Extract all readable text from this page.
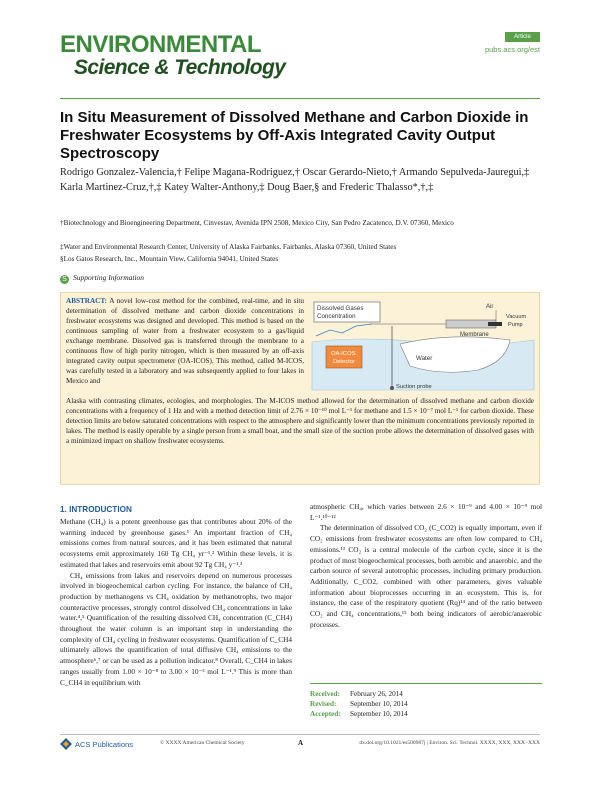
ENVIRONMENTAL
Science & Technology
Article
pubs.acs.org/est
In Situ Measurement of Dissolved Methane and Carbon Dioxide in Freshwater Ecosystems by Off-Axis Integrated Cavity Output Spectroscopy
Rodrigo Gonzalez-Valencia,† Felipe Magana-Rodriguez,† Oscar Gerardo-Nieto,† Armando Sepulveda-Jauregui,‡ Karla Martinez-Cruz,†,‡ Katey Walter-Anthony,‡ Doug Baer,§ and Frederic Thalasso*,†,‡
†Biotechnology and Bioengineering Department, Cinvestav, Avenida IPN 2508, Mexico City, San Pedro Zacatenco, D.V. 07360, Mexico
‡Water and Environmental Research Center, University of Alaska Fairbanks, Fairbanks, Alaska 07360, United States
§Los Gatos Research, Inc., Mountain View, California 94041, United States
S Supporting Information
ABSTRACT: A novel low-cost method for the combined, real-time, and in situ determination of dissolved methane and carbon dioxide concentrations in freshwater ecosystems was designed and developed. This method is based on the continuous sampling of water from a freshwater ecosystem to a gas/liquid exchange membrane. Dissolved gas is transferred through the membrane to a continuous flow of high purity nitrogen, which is then measured by an off-axis integrated cavity output spectrometer (OA-ICOS). This method, called M-ICOS, was carefully tested in a laboratory and was subsequently applied to four lakes in Mexico and
Alaska with contrasting climates, ecologies, and morphologies. The M-ICOS method allowed for the determination of dissolved methane and carbon dioxide concentrations with a frequency of 1 Hz and with a method detection limit of 2.76 × 10⁻¹⁰ mol L⁻¹ for methane and 1.5 × 10⁻⁷ mol L⁻¹ for carbon dioxide. These detection limits are below saturated concentrations with respect to the atmosphere and significantly lower than the minimum concentrations previously reported in lakes. The method is easily operable by a single person from a small boat, and the small size of the suction probe allows the determination of dissolved gases with a minimized impact on shallow freshwater ecosystems.
Dissolved Gases
Concentration
Membrane
Air
Vacuum
Pump
OA-ICOS
Detector	Water
Suction probe
1. INTRODUCTION

Methane (CH₄) is a potent greenhouse gas that contributes about 20% of the warming induced by greenhouse gases.¹ An important fraction of CH₄ emissions comes from natural sources, and it has been estimated that natural ecosystems emit approximately 160 Tg CH₄ yr⁻¹.² Within these levels, it is estimated that lakes and reservoirs emit about 92 Tg CH₄ y⁻¹.³

CH₄ emissions from lakes and reservoirs depend on numerous processes involved in biogeochemical carbon cycling. For instance, the balance of CH₄ production by methanogens vs CH₄ oxidation by methanotrophs, two major counteractive processes, strongly control dissolved CH₄ concentrations in lake water.⁴,⁵ Quantification of the resulting dissolved CH₄ concentration (C_CH4) throughout the water column is an important step in understanding the complexity of CH₄ cycling in freshwater ecosystems. Quantification of C_CH4 ultimately allows the quantification of total diffusive CH₄ emissions to the atmosphere⁶,⁷ or can be used as a pollution indicator.⁸ Overall, C_CH4 in lakes ranges usually from 1.00 × 10⁻⁸ to 3.00 × 10⁻³ mol L⁻¹.⁹ This is more than C_CH4 in equilibrium with

atmospheric CH₄, which varies between 2.6 × 10⁻⁹ and 4.00 × 10⁻⁹ mol L⁻¹.¹⁰⁻¹²

The determination of dissolved CO₂ (C_CO2) is equally important, even if CO₂ emissions from freshwater ecosystems are often low compared to CH₄ emissions.¹³ CO₂ is a central molecule of the carbon cycle, since it is the product of most biogeochemical processes, both aerobic and anaerobic, and the carbon source of several autotrophic processes, including primary production. Additionally, C_CO2, combined with other parameters, gives valuable information about bioprocesses occurring in an ecosystem. This is, for instance, the case of the respiratory quotient (Rq)¹⁴ and of the ratio between CO₂ and CH₄ concentrations,¹⁵ both being indicators of aerobic/anaerobic processes.

Received:	February 26, 2014
Revised:	September 10, 2014
Accepted:	September 10, 2014
ACS Publications	© XXXX American Chemical Society	A	dx.doi.org/10.1021/es500987j | Environ. Sci. Technol. XXXX, XXX, XXX−XXX
